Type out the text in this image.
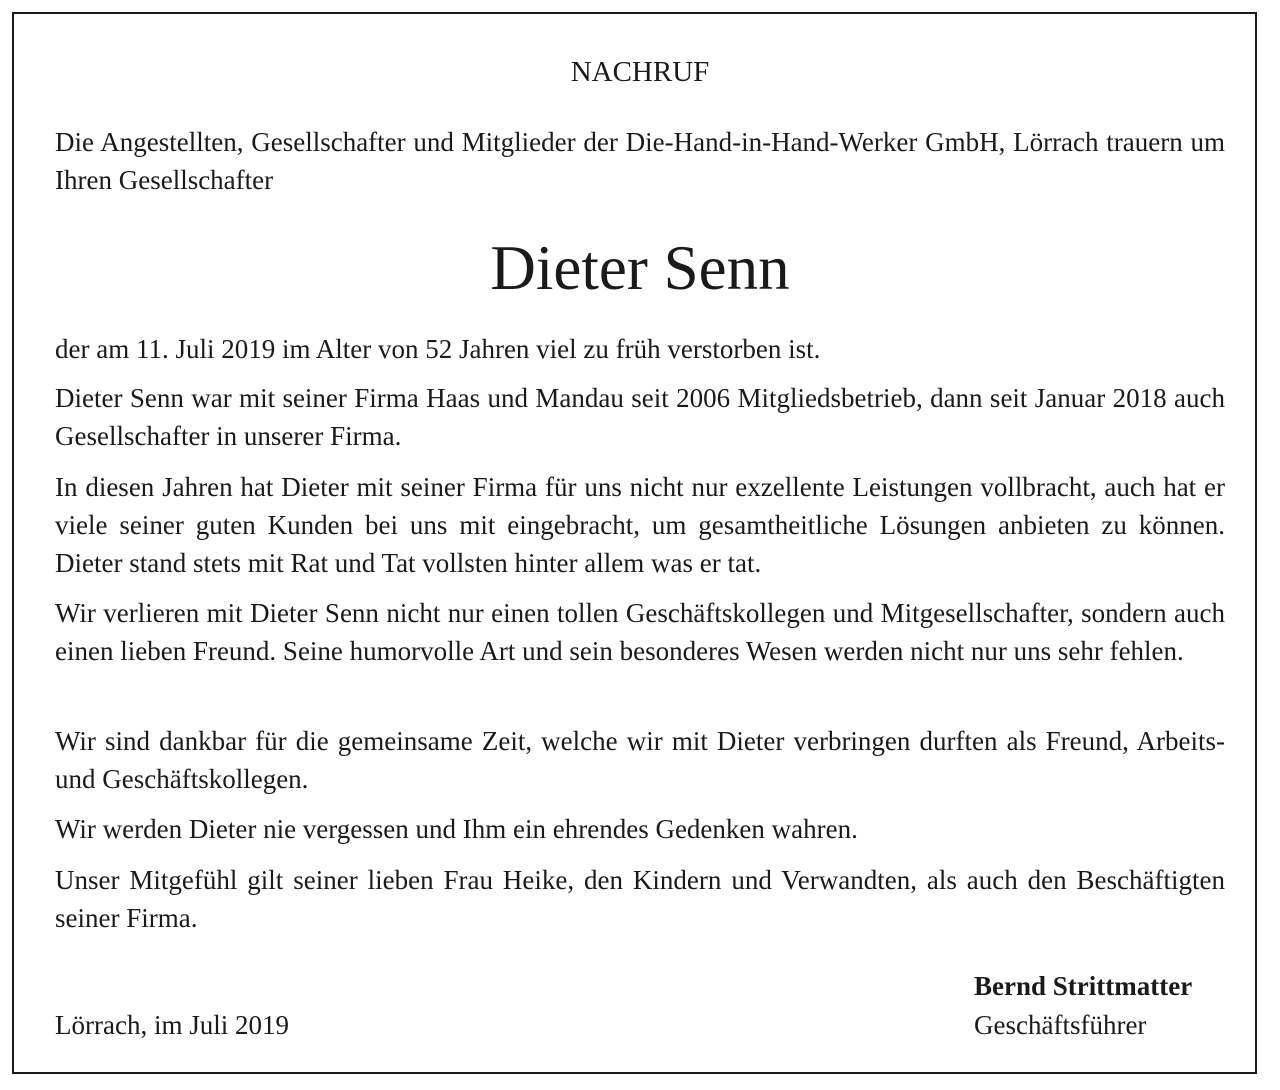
NACHRUF

Die Angestellten, Gesellschafter und Mitglieder der Die-Hand-in-Hand-Werker GmbH, Lörrach trauern um Ihren Gesellschafter

Dieter Senn

der am 11. Juli 2019 im Alter von 52 Jahren viel zu früh verstorben ist.

Dieter Senn war mit seiner Firma Haas und Mandau seit 2006 Mitgliedsbetrieb, dann seit Januar 2018 auch Gesellschafter in unserer Firma.

In diesen Jahren hat Dieter mit seiner Firma für uns nicht nur exzellente Leistungen vollbracht, auch hat er viele seiner guten Kunden bei uns mit eingebracht, um gesamtheitliche Lösungen anbieten zu können. Dieter stand stets mit Rat und Tat vollsten hinter allem was er tat.

Wir verlieren mit Dieter Senn nicht nur einen tollen Geschäftskollegen und Mitgesellschafter, sondern auch einen lieben Freund. Seine humorvolle Art und sein besonderes Wesen werden nicht nur uns sehr fehlen.

Wir sind dankbar für die gemeinsame Zeit, welche wir mit Dieter verbringen durften als Freund, Arbeits- und Geschäftskollegen.

Wir werden Dieter nie vergessen und Ihm ein ehrendes Gedenken wahren.

Unser Mitgefühl gilt seiner lieben Frau Heike, den Kindern und Verwandten, als auch den Beschäftigten seiner Firma.

Bernd Strittmatter

Geschäftsführer

Lörrach, im Juli 2019
